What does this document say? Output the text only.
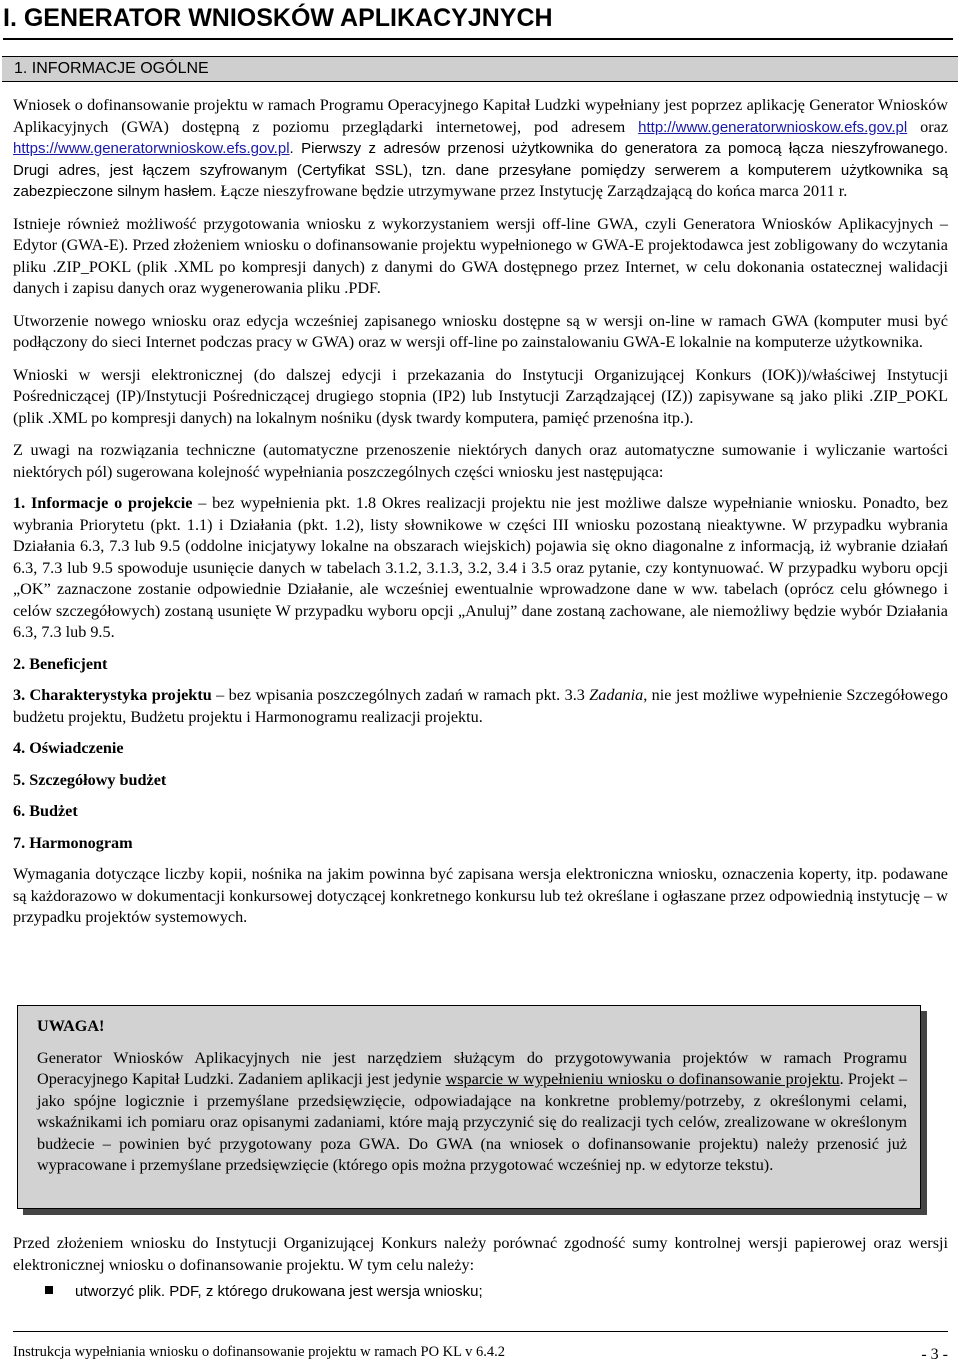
I. GENERATOR WNIOSKÓW APLIKACYJNYCH
1. INFORMACJE OGÓLNE

Wniosek o dofinansowanie projektu w ramach Programu Operacyjnego Kapitał Ludzki wypełniany jest poprzez aplikację Generator Wniosków Aplikacyjnych (GWA) dostępną z poziomu przeglądarki internetowej, pod adresem http://www.generatorwnioskow.efs.gov.pl oraz https://www.generatorwnioskow.efs.gov.pl. Pierwszy z adresów przenosi użytkownika do generatora za pomocą łącza nieszyfrowanego. Drugi adres, jest łączem szyfrowanym (Certyfikat SSL), tzn. dane przesyłane pomiędzy serwerem a komputerem użytkownika są zabezpieczone silnym hasłem. Łącze nieszyfrowane będzie utrzymywane przez Instytucję Zarządzającą do końca marca 2011 r.

Istnieje również możliwość przygotowania wniosku z wykorzystaniem wersji off-line GWA, czyli Generatora Wniosków Aplikacyjnych – Edytor (GWA-E). Przed złożeniem wniosku o dofinansowanie projektu wypełnionego w GWA-E projektodawca jest zobligowany do wczytania pliku .ZIP_POKL (plik .XML po kompresji danych) z danymi do GWA dostępnego przez Internet, w celu dokonania ostatecznej walidacji danych i zapisu danych oraz wygenerowania pliku .PDF.

Utworzenie nowego wniosku oraz edycja wcześniej zapisanego wniosku dostępne są w wersji on-line w ramach GWA (komputer musi być podłączony do sieci Internet podczas pracy w GWA) oraz w wersji off-line po zainstalowaniu GWA-E lokalnie na komputerze użytkownika.

Wnioski w wersji elektronicznej (do dalszej edycji i przekazania do Instytucji Organizującej Konkurs (IOK))/właściwej Instytucji Pośredniczącej (IP)/Instytucji Pośredniczącej drugiego stopnia (IP2) lub Instytucji Zarządzającej (IZ)) zapisywane są jako pliki .ZIP_POKL (plik .XML po kompresji danych) na lokalnym nośniku (dysk twardy komputera, pamięć przenośna itp.).

Z uwagi na rozwiązania techniczne (automatyczne przenoszenie niektórych danych oraz automatyczne sumowanie i wyliczanie wartości niektórych pól) sugerowana kolejność wypełniania poszczególnych części wniosku jest następująca:

1. Informacje o projekcie – bez wypełnienia pkt. 1.8 Okres realizacji projektu nie jest możliwe dalsze wypełnianie wniosku. Ponadto, bez wybrania Priorytetu (pkt. 1.1) i Działania (pkt. 1.2), listy słownikowe w części III wniosku pozostaną nieaktywne. W przypadku wybrania Działania 6.3, 7.3 lub 9.5 (oddolne inicjatywy lokalne na obszarach wiejskich) pojawia się okno diagonalne z informacją, iż wybranie działań 6.3, 7.3 lub 9.5 spowoduje usunięcie danych w tabelach 3.1.2, 3.1.3, 3.2, 3.4 i 3.5 oraz pytanie, czy kontynuować. W przypadku wyboru opcji „OK” zaznaczone zostanie odpowiednie Działanie, ale wcześniej ewentualnie wprowadzone dane w ww. tabelach (oprócz celu głównego i celów szczegółowych) zostaną usunięte W przypadku wyboru opcji „Anuluj” dane zostaną zachowane, ale niemożliwy będzie wybór Działania 6.3, 7.3 lub 9.5.

2. Beneficjent

3. Charakterystyka projektu – bez wpisania poszczególnych zadań w ramach pkt. 3.3 Zadania, nie jest możliwe wypełnienie Szczegółowego budżetu projektu, Budżetu projektu i Harmonogramu realizacji projektu.

4. Oświadczenie

5. Szczegółowy budżet

6. Budżet

7. Harmonogram

Wymagania dotyczące liczby kopii, nośnika na jakim powinna być zapisana wersja elektroniczna wniosku, oznaczenia koperty, itp. podawane są każdorazowo w dokumentacji konkursowej dotyczącej konkretnego konkursu lub też określane i ogłaszane przez odpowiednią instytucję – w przypadku projektów systemowych.

UWAGA!
Generator Wniosków Aplikacyjnych nie jest narzędziem służącym do przygotowywania projektów w ramach Programu Operacyjnego Kapitał Ludzki. Zadaniem aplikacji jest jedynie wsparcie w wypełnieniu wniosku o dofinansowanie projektu. Projekt – jako spójne logicznie i przemyślane przedsięwzięcie, odpowiadające na konkretne problemy/potrzeby, z określonymi celami, wskaźnikami ich pomiaru oraz opisanymi zadaniami, które mają przyczynić się do realizacji tych celów, zrealizowane w określonym budżecie – powinien być przygotowany poza GWA. Do GWA (na wniosek o dofinansowanie projektu) należy przenosić już wypracowane i przemyślane przedsięwzięcie (którego opis można przygotować wcześniej np. w edytorze tekstu).
Przed złożeniem wniosku do Instytucji Organizującej Konkurs należy porównać zgodność sumy kontrolnej wersji papierowej oraz wersji elektronicznej wniosku o dofinansowanie projektu. W tym celu należy:
utworzyć plik. PDF, z którego drukowana jest wersja wniosku;
Instrukcja wypełniania wniosku o dofinansowanie projektu w ramach PO KL v 6.4.2	- 3 -
